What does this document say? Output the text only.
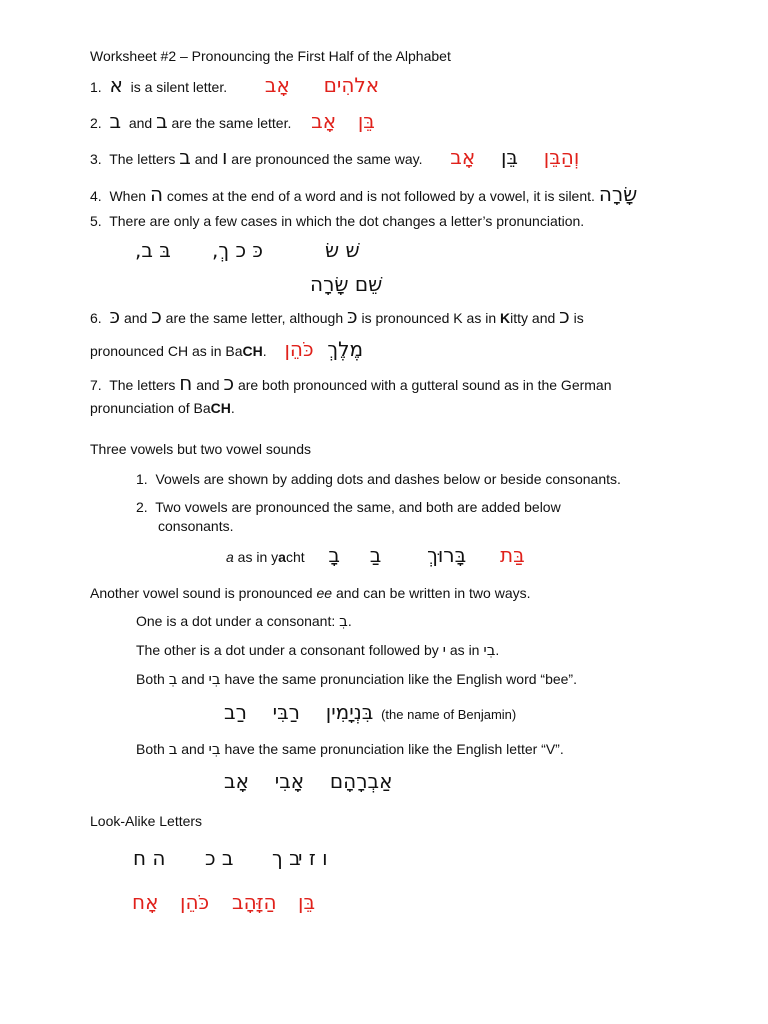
Worksheet #2 – Pronouncing the First Half of the Alphabet
1. א is a silent letter. אָב אלהִים
2. ב and ב are the same letter. אָב בֵּן
3. The letters ב and ו are pronounced the same way. אָב בֵּן וְהַבֵּן
4. When ה comes at the end of a word and is not followed by a vowel, it is silent. שָׂרָה
5. There are only a few cases in which the dot changes a letter’s pronunciation.
בּ ב, כּ כ ךְ,	שׁ שׂ
שֵׁם שָׂרָה
6. כּ and כ are the same letter, although כּ is pronounced K as in Kitty and כ is
pronounced CH as in BaCH. כֹּהֵן מֶלֶךְ
7. The letters ח and כ are both pronounced with a gutteral sound as in the German
pronunciation of BaCH.
Three vowels but two vowel sounds
1. Vowels are shown by adding dots and dashes below or beside consonants.
2. Two vowels are pronounced the same, and both are added below
consonants.
a as in yacht בָ בַ בָּרוּךְ בַּת
Another vowel sound is pronounced ee and can be written in two ways.
One is a dot under a consonant: בִ.
The other is a dot under a consonant followed by י as in בִי.
Both בִ and בִי have the same pronunciation like the English word “bee”.
רַב רַבִּי בִּנְיָמִין (the name of Benjamin)
Both ב and בִי have the same pronunciation like the English letter “V”.
אָב אָבִי אַבְרָהָם
Look-Alike Letters
ה ח ב כ ב ך
ו ז י
אָח כֹּהֵן הַזָּהָב בֵּן
